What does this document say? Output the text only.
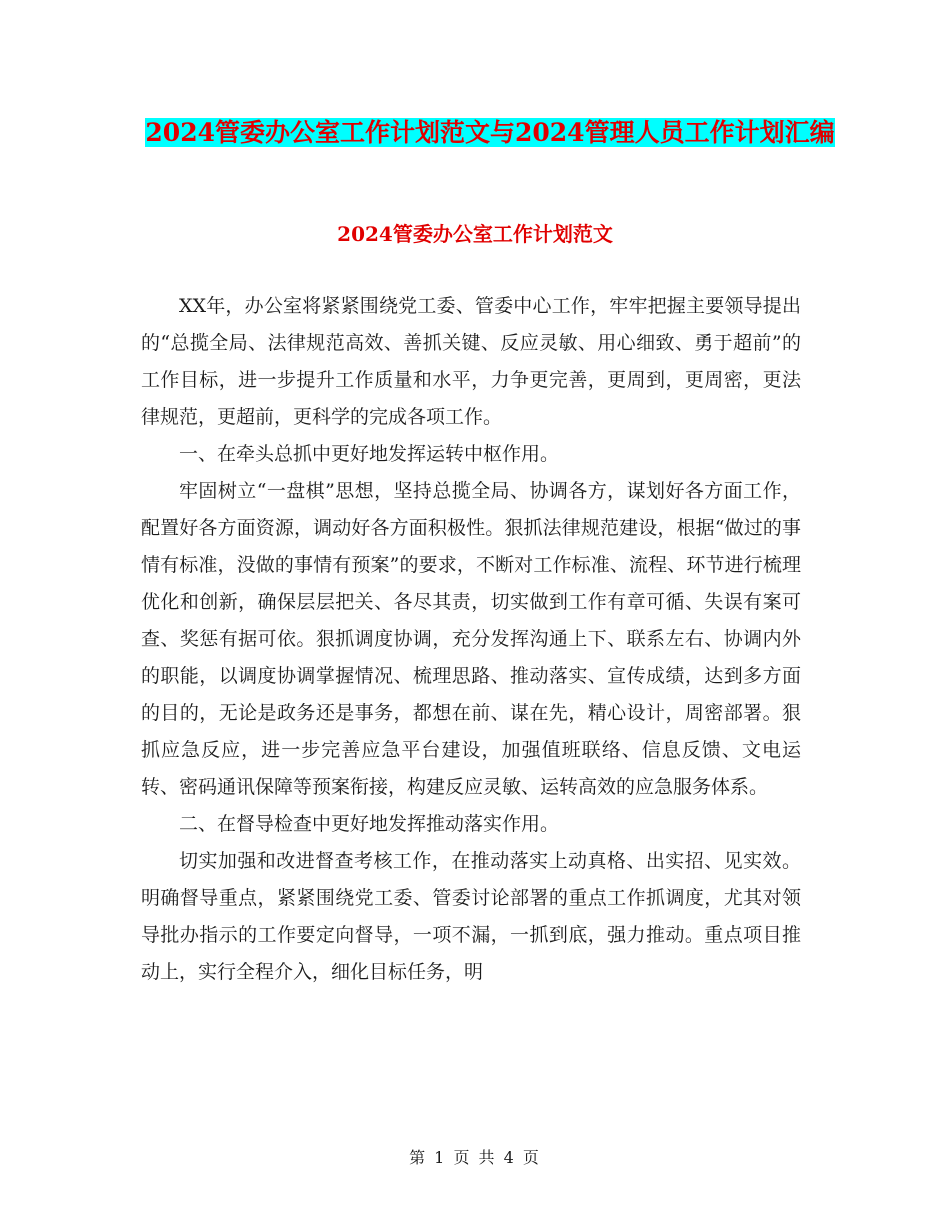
2024管委办公室工作计划范文与2024管理人员工作计划汇编
2024管委办公室工作计划范文

XX年，办公室将紧紧围绕党工委、管委中心工作，牢牢把握主要领导提出的“总揽全局、法律规范高效、善抓关键、反应灵敏、用心细致、勇于超前”的工作目标，进一步提升工作质量和水平，力争更完善，更周到，更周密，更法律规范，更超前，更科学的完成各项工作。

一、在牵头总抓中更好地发挥运转中枢作用。

牢固树立“一盘棋”思想，坚持总揽全局、协调各方，谋划好各方面工作，配置好各方面资源，调动好各方面积极性。狠抓法律规范建设，根据“做过的事情有标准，没做的事情有预案”的要求，不断对工作标准、流程、环节进行梳理优化和创新，确保层层把关、各尽其责，切实做到工作有章可循、失误有案可查、奖惩有据可依。狠抓调度协调，充分发挥沟通上下、联系左右、协调内外的职能，以调度协调掌握情况、梳理思路、推动落实、宣传成绩，达到多方面的目的，无论是政务还是事务，都想在前、谋在先，精心设计，周密部署。狠抓应急反应，进一步完善应急平台建设，加强值班联络、信息反馈、文电运转、密码通讯保障等预案衔接，构建反应灵敏、运转高效的应急服务体系。

二、在督导检查中更好地发挥推动落实作用。

切实加强和改进督查考核工作，在推动落实上动真格、出实招、见实效。明确督导重点，紧紧围绕党工委、管委讨论部署的重点工作抓调度，尤其对领导批办指示的工作要定向督导，一项不漏，一抓到底，强力推动。重点项目推动上，实行全程介入，细化目标任务，明

第 1 页 共 4 页
